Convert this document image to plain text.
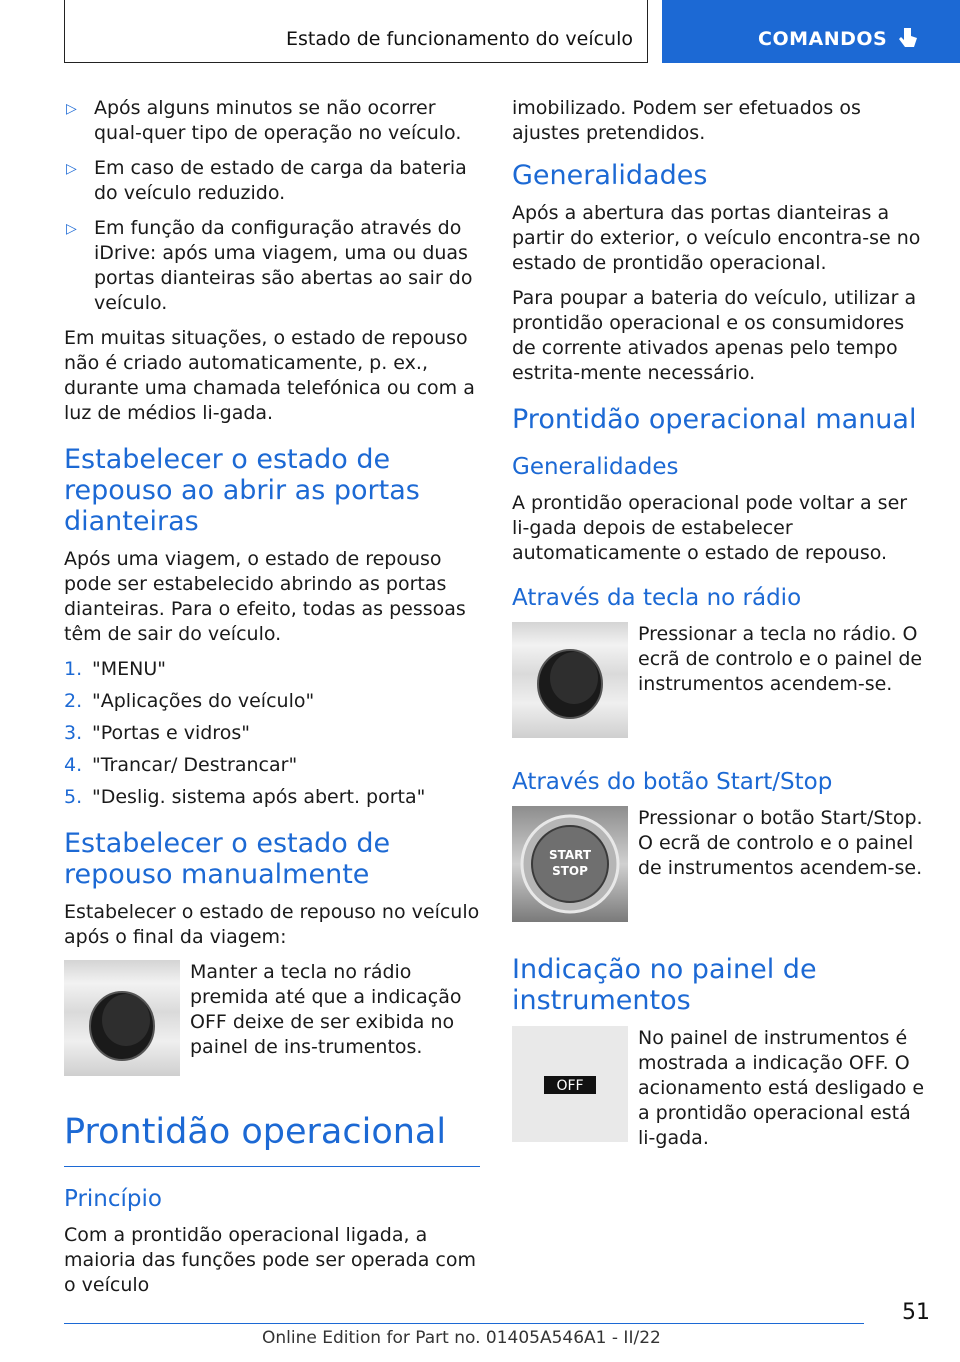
Estado de funcionamento do veículo	COMANDOS
▷ Após alguns minutos se não ocorrer qual-quer tipo de operação no veículo.
▷ Em caso de estado de carga da bateria do veículo reduzido.
▷ Em função da configuração através do iDrive: após uma viagem, uma ou duas portas dianteiras são abertas ao sair do veículo.

Em muitas situações, o estado de repouso não é criado automaticamente, p. ex., durante uma chamada telefónica ou com a luz de médios li-gada.

Estabelecer o estado de repouso ao abrir as portas dianteiras

Após uma viagem, o estado de repouso pode ser estabelecido abrindo as portas dianteiras. Para o efeito, todas as pessoas têm de sair do veículo.

1. "MENU"
2. "Aplicações do veículo"
3. "Portas e vidros"
4. "Trancar/ Destrancar"
5. "Deslig. sistema após abert. porta"
Estabelecer o estado de repouso manualmente

Estabelecer o estado de repouso no veículo após o final da viagem:

Manter a tecla no rádio premida até que a indicação OFF deixe de ser exibida no painel de ins-trumentos.
Prontidão operacional
Princípio

Com a prontidão operacional ligada, a maioria das funções pode ser operada com o veículo

imobilizado. Podem ser efetuados os ajustes pretendidos.

Generalidades

Após a abertura das portas dianteiras a partir do exterior, o veículo encontra-se no estado de prontidão operacional.

Para poupar a bateria do veículo, utilizar a prontidão operacional e os consumidores de corrente ativados apenas pelo tempo estrita-mente necessário.

Prontidão operacional manual
Generalidades

A prontidão operacional pode voltar a ser li-gada depois de estabelecer automaticamente o estado de repouso.

Através da tecla no rádio
Pressionar a tecla no rádio. O ecrã de controlo e o painel de instrumentos acendem-se.
Através do botão Start/Stop
START
STOP
Pressionar o botão Start/Stop. O ecrã de controlo e o painel de instrumentos acendem-se.
Indicação no painel de instrumentos
OFF
No painel de instrumentos é mostrada a indicação OFF. O acionamento está desligado e a prontidão operacional está li-gada.
51
Online Edition for Part no. 01405A546A1 - II/22
